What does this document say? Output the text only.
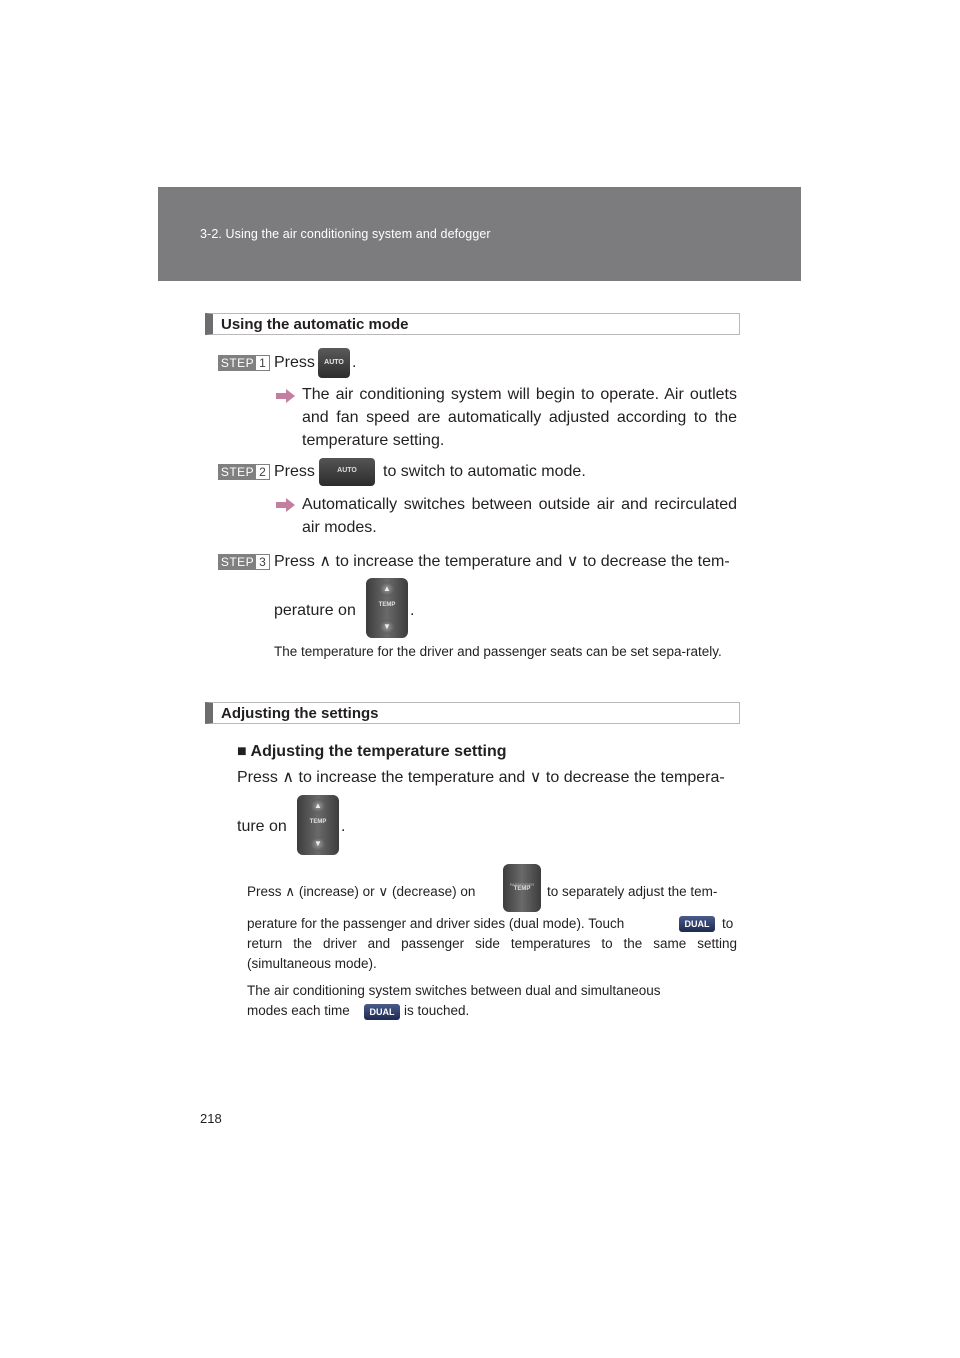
3-2. Using the air conditioning system and defogger
Using the automatic mode
STEP 1 Press	AUTO .
The air conditioning system will begin to operate. Air outlets and fan speed are automatically adjusted according to the temperature setting.
STEP 2 Press	AUTO	to switch to automatic mode.
Automatically switches between outside air and recirculated air modes.
STEP 3 Press ∧ to increase the temperature and ∨ to decrease the tem-
perature on
▲
TEMP
▼
.
The temperature for the driver and passenger seats can be set sepa-rately.
Adjusting the settings
■ Adjusting the temperature setting
Press ∧ to increase the temperature and ∨ to decrease the tempera-
ture on
▲
TEMP
▼
.
Press ∧ (increase) or ∨ (decrease) on	PASSENGER
TEMP	to separately adjust the tem-
perature for the passenger and driver sides (dual mode). Touch	DUAL to
return the driver and passenger side temperatures to the same setting (simultaneous mode).
The air conditioning system switches between dual and simultaneous
modes each time	DUAL is touched.
218
